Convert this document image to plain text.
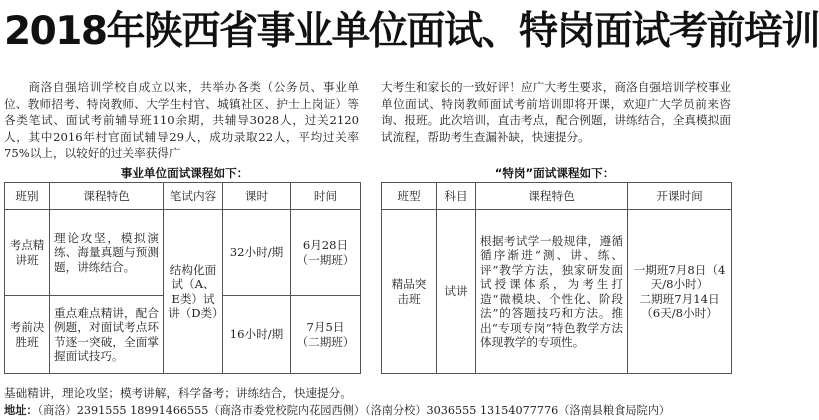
2018年陕西省事业单位面试、特岗面试考前培训
商洛自强培训学校自成立以来，共举办各类（公务员、事业单位、教师招考、特岗教师、大学生村官、城镇社区、护士上岗证）等各类笔试、面试考前辅导班110余期，共辅导3028人，过关2120人，其中2016年村官面试辅导29人，成功录取22人，平均过关率75%以上，以较好的过关率获得广
大考生和家长的一致好评！应广大考生要求，商洛自强培训学校事业单位面试、特岗教师面试考前培训即将开课，欢迎广大学员前来咨询、报班。此次培训，直击考点，配合例题，讲练结合，全真模拟面试流程，帮助考生查漏补缺，快速提分。
事业单位面试课程如下：	“特岗”面试课程如下：
班别	课程特色	笔试内容	课时	时间
考点精讲班	理论攻坚，模拟演练、海量真题与预测题，讲练结合。	结构化面试（A、E类）试讲（D类）	32小时/期	6月28日（一期班）
考前决胜班	重点难点精讲，配合例题，对面试考点环节逐一突破，全面掌握面试技巧。		16小时/期	7月5日（二期班）
班型	科目	课程特色	开课时间
精品突击班	试讲	根据考试学一般规律，遵循循序渐进“测、讲、练、评”教学方法，独家研发面试授课体系，为考生打造“微模块、个性化、阶段法”的答题技巧和方法。推出“专项专岗”特色教学方法体现教学的专项性。	一期班7月8日（4天/8小时）
二期班7月14日（6天/8小时）
基础精讲，理论攻坚；模考讲解，科学备考；讲练结合，快速提分。
地址：（商洛）2391555 18991466555（商洛市委党校院内花园西侧）（洛南分校）3036555 13154077776（洛南县粮食局院内）
